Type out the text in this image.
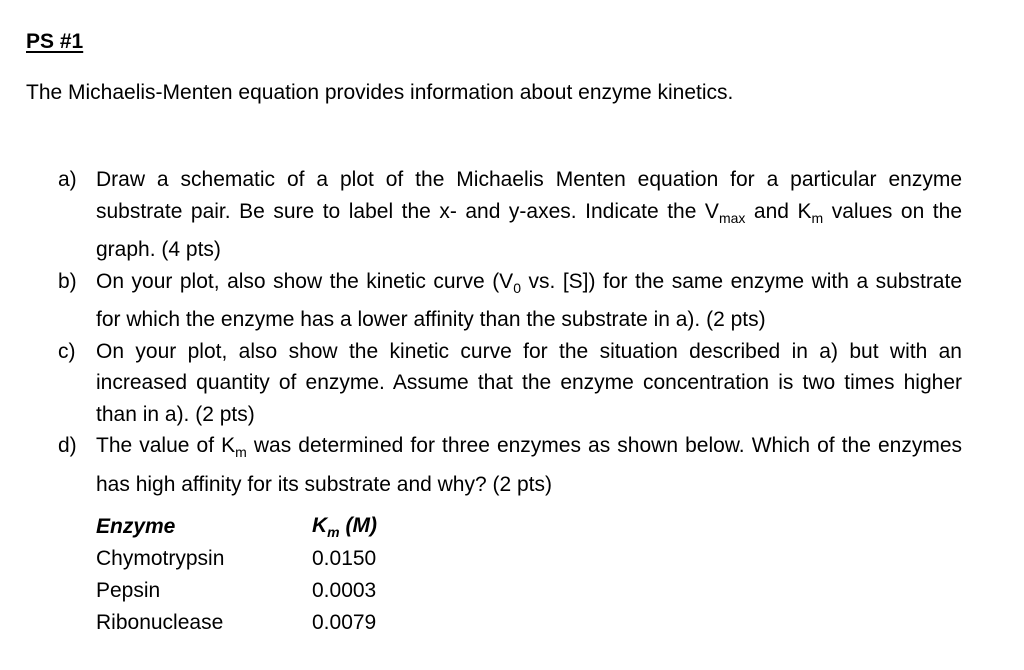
PS #1

The Michaelis-Menten equation provides information about enzyme kinetics.

a) Draw a schematic of a plot of the Michaelis Menten equation for a particular enzyme substrate pair. Be sure to label the x- and y-axes. Indicate the $V_{max}$ and $K_m$ values on the graph. (4 pts)
b) On your plot, also show the kinetic curve ($V_0$ vs. [S]) for the same enzyme with a substrate for which the enzyme has a lower affinity than the substrate in a). (2 pts)
c) On your plot, also show the kinetic curve for the situation described in a) but with an increased quantity of enzyme. Assume that the enzyme concentration is two times higher than in a). (2 pts)
d) The value of $K_m$ was determined for three enzymes as shown below. Which of the enzymes has high affinity for its substrate and why? (2 pts)
Enzyme	$K_m$ (M)
Chymotrypsin	0.0150
Pepsin	0.0003
Ribonuclease	0.0079
